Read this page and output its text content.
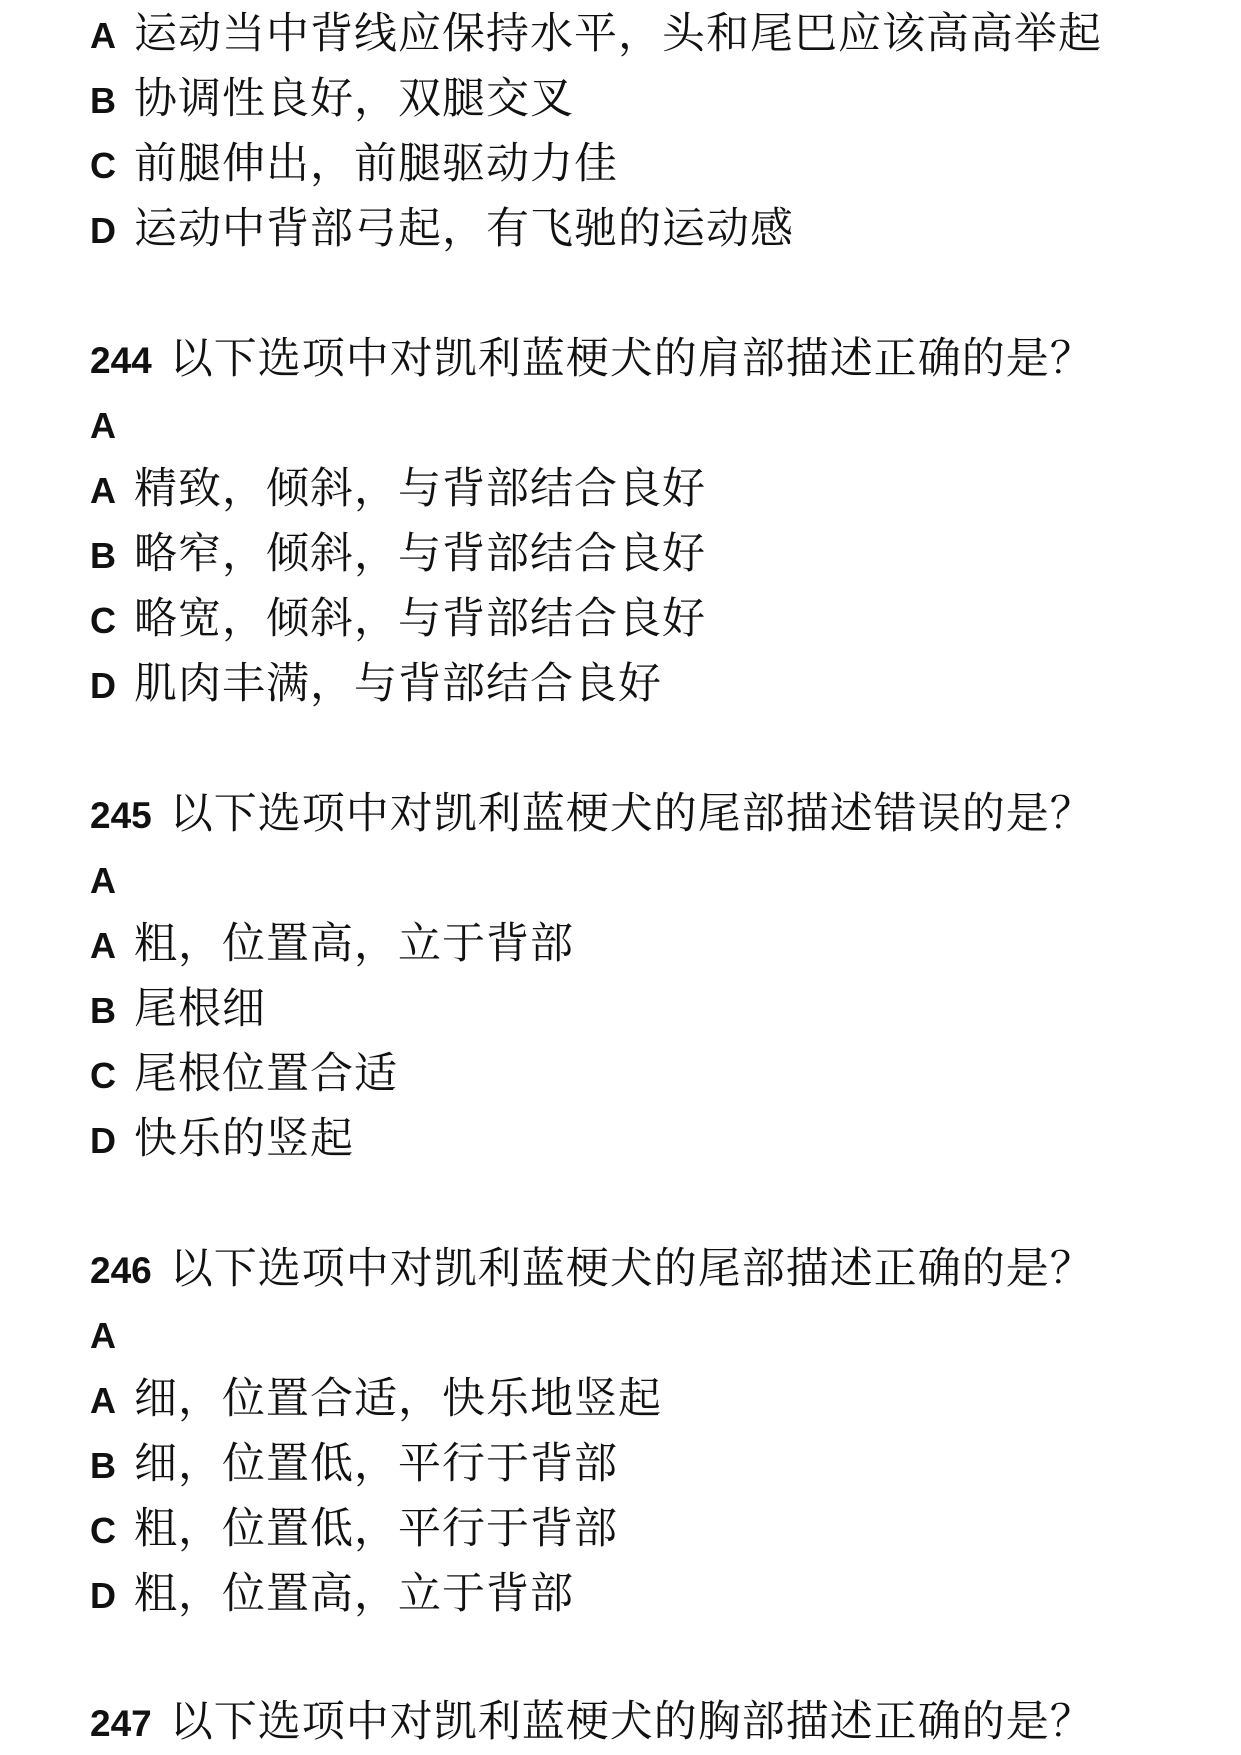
A 运动当中背线应保持水平，头和尾巴应该高高举起
B 协调性良好，双腿交叉
C 前腿伸出，前腿驱动力佳
D 运动中背部弓起，有飞驰的运动感
244 以下选项中对凯利蓝梗犬的肩部描述正确的是？
A
A 精致，倾斜，与背部结合良好
B 略窄，倾斜，与背部结合良好
C 略宽，倾斜，与背部结合良好
D 肌肉丰满，与背部结合良好
245 以下选项中对凯利蓝梗犬的尾部描述错误的是？
A
A 粗，位置高，立于背部
B 尾根细
C 尾根位置合适
D 快乐的竖起
246 以下选项中对凯利蓝梗犬的尾部描述正确的是？
A
A 细，位置合适，快乐地竖起
B 细，位置低，平行于背部
C 粗，位置低，平行于背部
D 粗，位置高，立于背部
247 以下选项中对凯利蓝梗犬的胸部描述正确的是？
